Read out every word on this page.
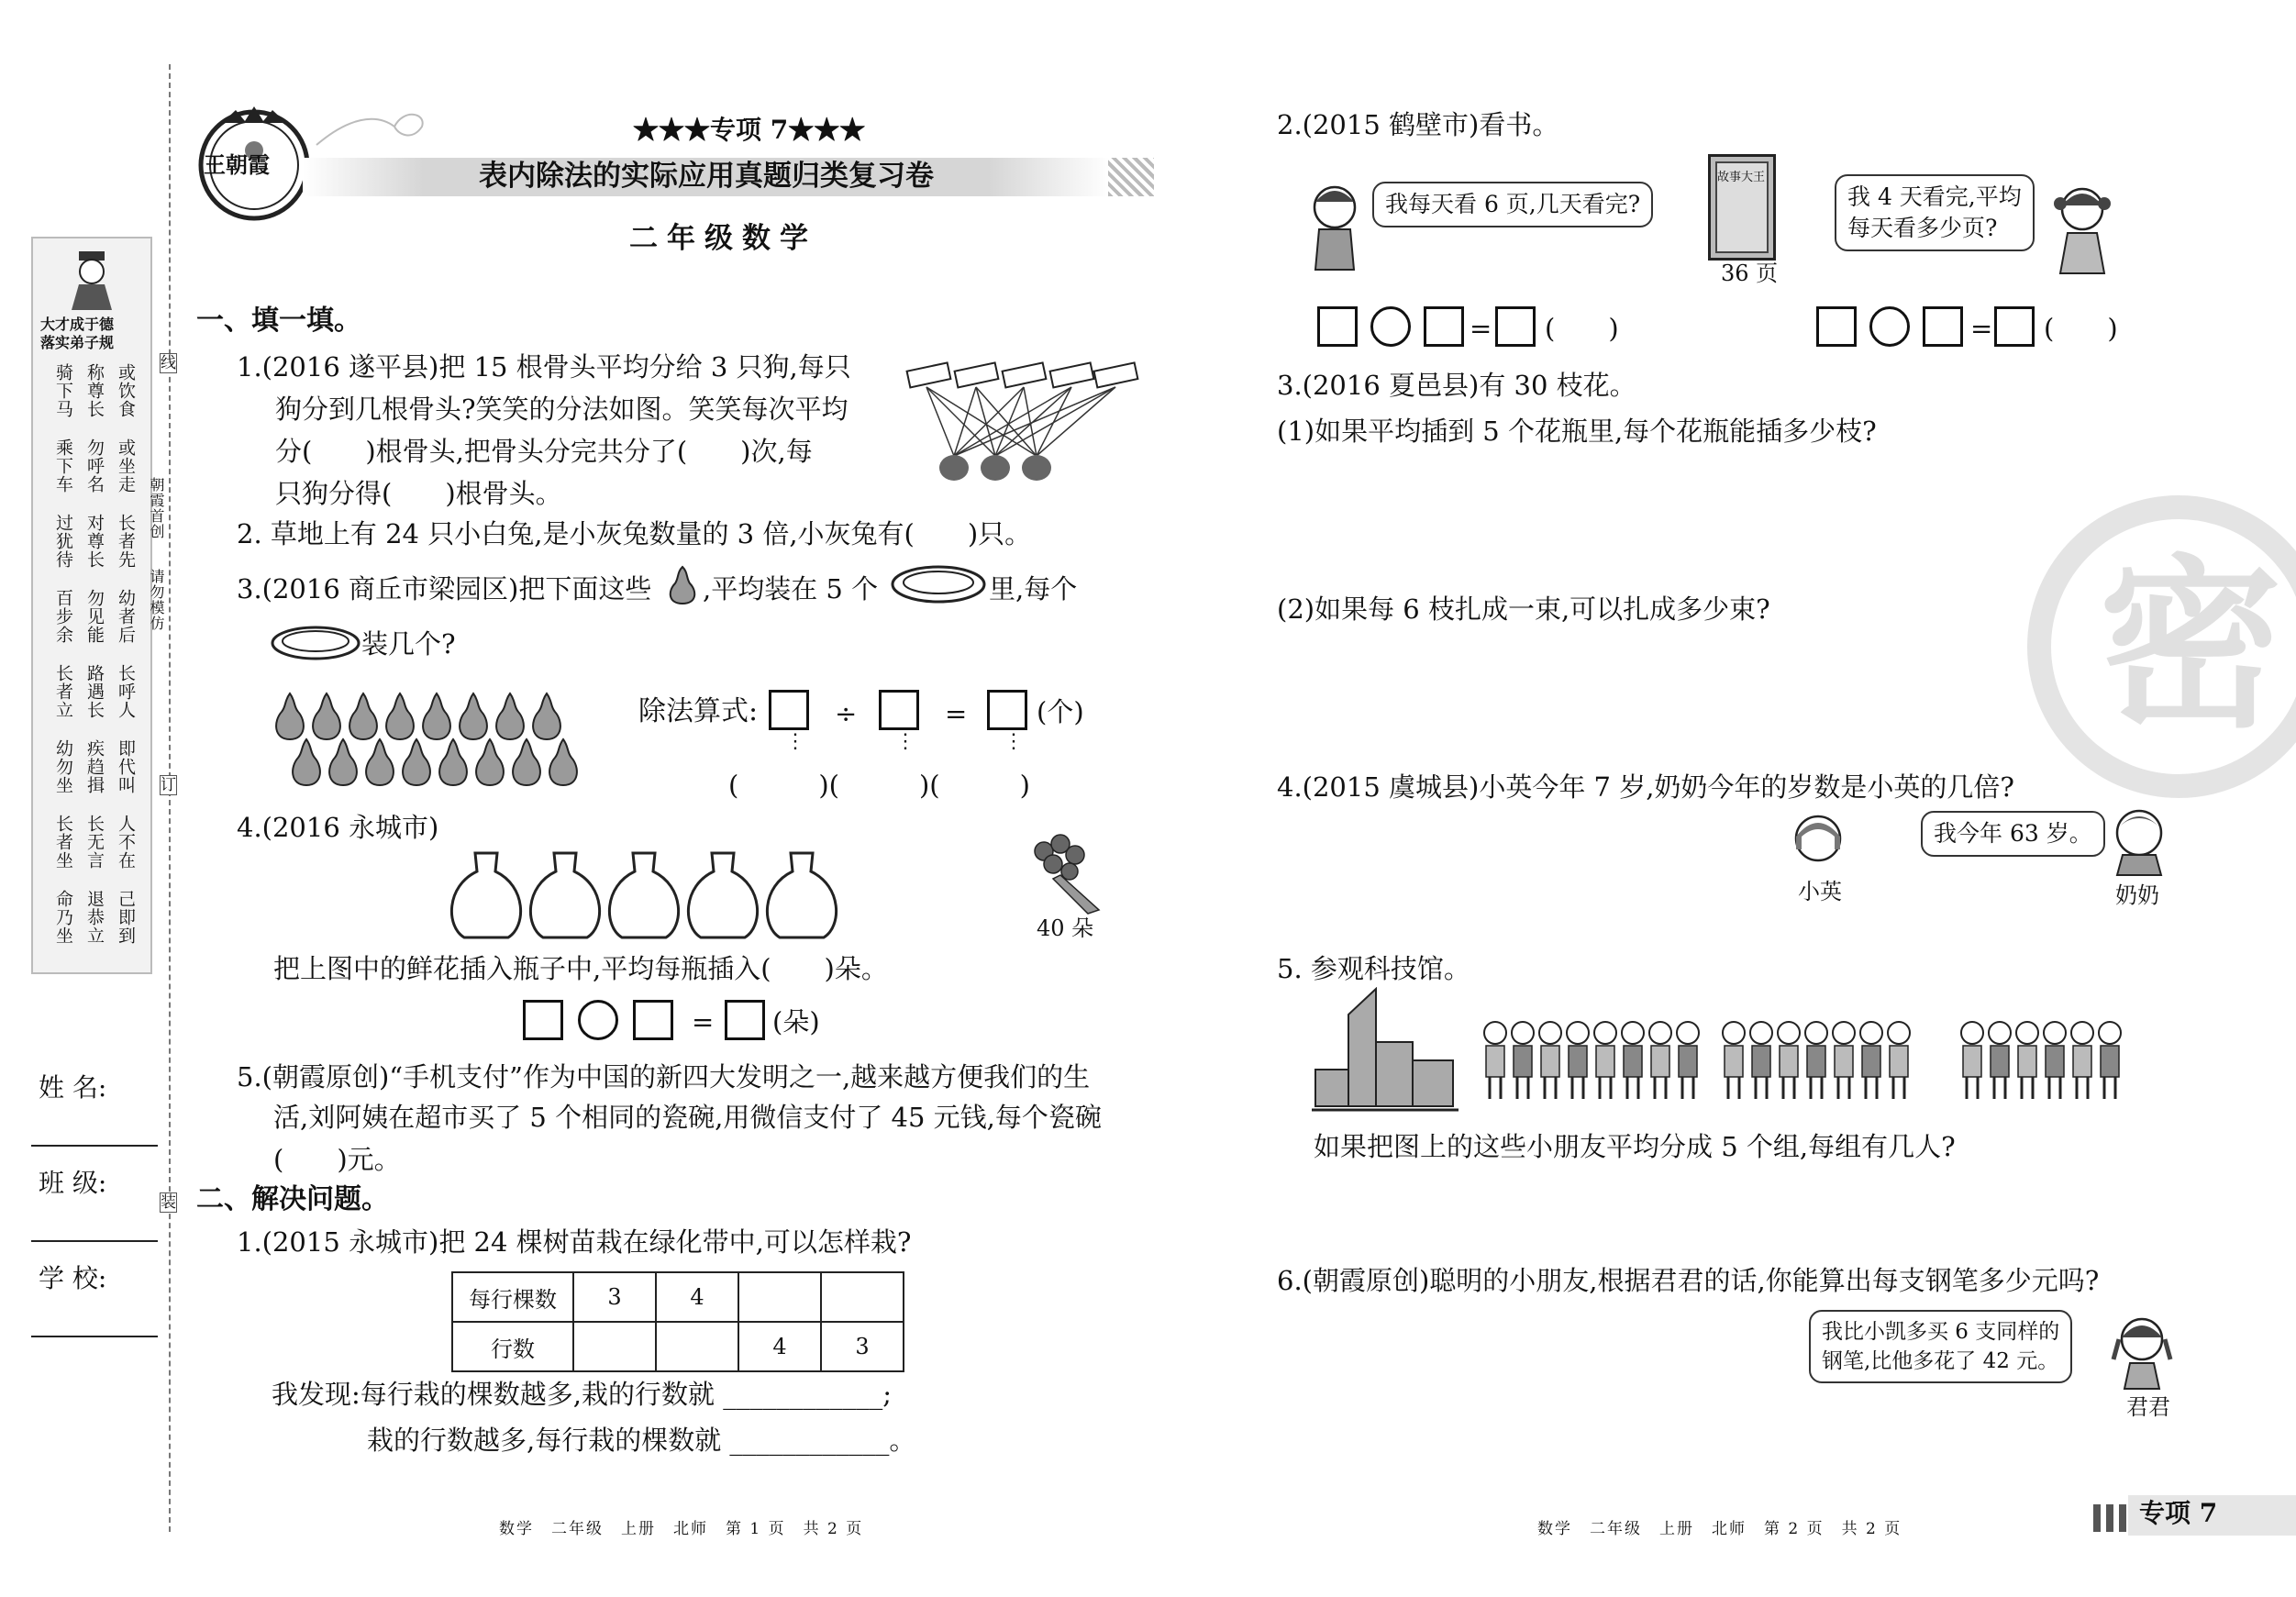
王朝霞
★★★专项 7★★★
表内除法的实际应用真题归类复习卷
二年级数学
大才成于德
落实弟子规
或饮食
称尊长
骑下马
或坐走
勿呼名
乘下车
长者先
对尊长
过犹待
幼者后
勿见能
百步余
长呼人
路遇长
长者立
即代叫
疾趋揖
幼勿坐
人不在
长无言
长者坐
己即到
退恭立
命乃坐
朝霞首创
请勿模仿
线
订
装
姓 名:
班 级:
学 校:
一、填一填。
1.(2016 遂平县)把 15 根骨头平均分给 3 只狗,每只
狗分到几根骨头?笑笑的分法如图。笑笑每次平均
分(　　)根骨头,把骨头分完共分了(　　)次,每
只狗分得(　　)根骨头。
2. 草地上有 24 只小白兔,是小灰兔数量的 3 倍,小灰兔有(　　)只。
3.(2016 商丘市梁园区)把下面这些 ,平均装在 5 个	里,每个
装几个?
除法算式:	÷	=	(个)
⋮	⋮	⋮
(　　　)(　　　)(　　　)
4.(2016 永城市)
40 朵
把上图中的鲜花插入瓶子中,平均每瓶插入(　　)朵。
= (朵)
5.(朝霞原创)“手机支付”作为中国的新四大发明之一,越来越方便我们的生
活,刘阿姨在超市买了 5 个相同的瓷碗,用微信支付了 45 元钱,每个瓷碗
(　　)元。
二、解决问题。
1.(2015 永城市)把 24 棵树苗栽在绿化带中,可以怎样栽?
每行棵数	3	4		
行数			4	3
我发现:每行栽的棵数越多,栽的行数就 ____________;
栽的行数越多,每行栽的棵数就 ____________。
数学　二年级　上册　北师　第 1 页　共 2 页
密
2.(2015 鹤壁市)看书。
我每天看 6 页,几天看完?
故事大王
36 页
我 4 天看完,平均
每天看多少页?
= (　　)	= (　　)
3.(2016 夏邑县)有 30 枝花。
(1)如果平均插到 5 个花瓶里,每个花瓶能插多少枝?
(2)如果每 6 枝扎成一束,可以扎成多少束?
4.(2015 虞城县)小英今年 7 岁,奶奶今年的岁数是小英的几倍?
小英
我今年 63 岁。
奶奶
5. 参观科技馆。
如果把图上的这些小朋友平均分成 5 个组,每组有几人?
6.(朝霞原创)聪明的小朋友,根据君君的话,你能算出每支钢笔多少元吗?
我比小凯多买 6 支同样的
钢笔,比他多花了 42 元。
君君
数学　二年级　上册　北师　第 2 页　共 2 页
专项 7
